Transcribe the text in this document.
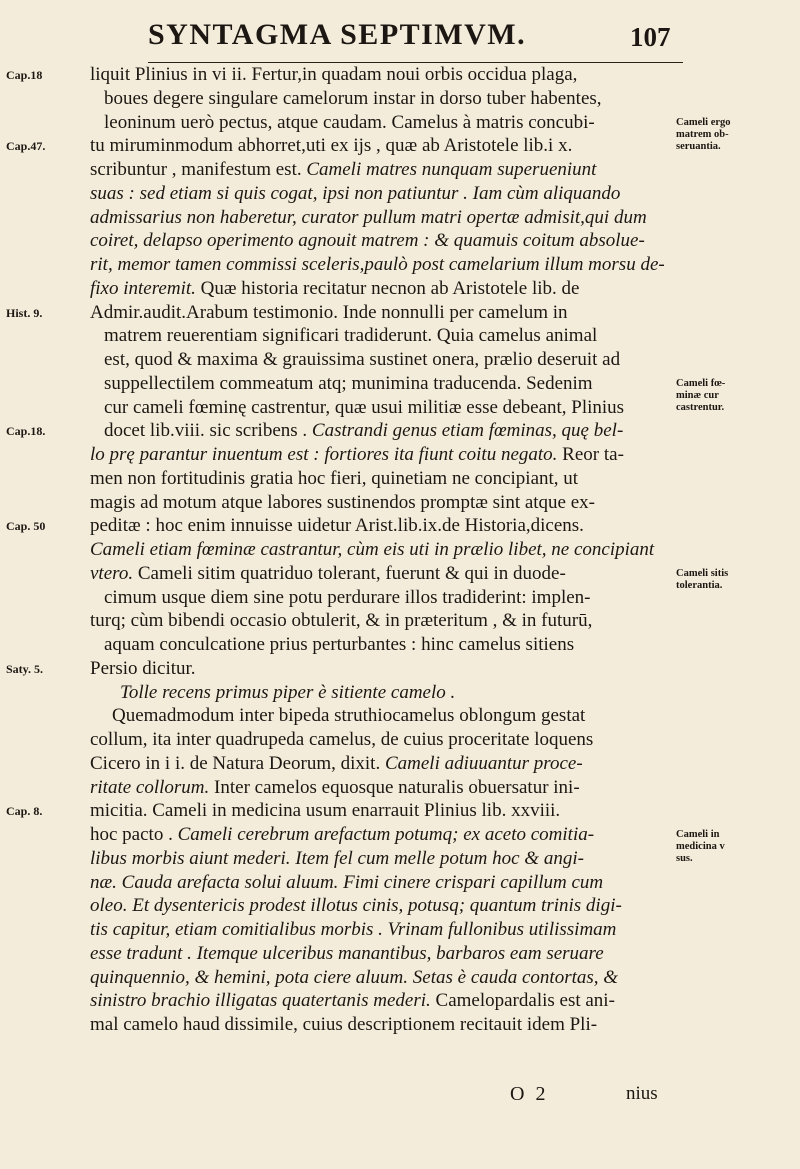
SYNTAGMA SEPTIMVM.	107
liquit Plinius in vi ii. Fertur,in quadam noui orbis occidua plaga,
boues degere singulare camelorum instar in dorso tuber habentes,
leoninum uerò pectus, atque caudam. Camelus à matris concubi-
tu miruminmodum abhorret,uti ex ijs , quæ ab Aristotele lib.i x.
scribuntur , manifestum est. Cameli matres nunquam superueniunt
suas : sed etiam si quis cogat, ipsi non patiuntur . Iam cùm aliquando
admissarius non haberetur, curator pullum matri opertæ admisit,qui dum
coiret, delapso operimento agnouit matrem : & quamuis coitum absolue-
rit, memor tamen commissi sceleris,paulò post camelarium illum morsu de-
fixo interemit. Quæ historia recitatur necnon ab Aristotele lib. de
Admir.audit.Arabum testimonio. Inde nonnulli per camelum in
matrem reuerentiam significari tradiderunt. Quia camelus animal
est, quod & maxima & grauissima sustinet onera, prælio deseruit ad
suppellectilem commeatum atq; munimina traducenda. Sedenim
cur cameli fœminę castrentur, quæ usui militiæ esse debeant, Plinius
docet lib.viii. sic scribens . Castrandi genus etiam fœminas, quę bel-
lo prę parantur inuentum est : fortiores ita fiunt coitu negato. Reor ta-
men non fortitudinis gratia hoc fieri, quinetiam ne concipiant, ut
magis ad motum atque labores sustinendos promptæ sint atque ex-
peditæ : hoc enim innuisse uidetur Arist.lib.ix.de Historia,dicens.
Cameli etiam fœminæ castrantur, cùm eis uti in prælio libet, ne concipiant
vtero. Cameli sitim quatriduo tolerant, fuerunt & qui in duode-
cimum usque diem sine potu perdurare illos tradiderint: implen-
turq; cùm bibendi occasio obtulerit, & in præteritum , & in futurū,
aquam conculcatione prius perturbantes : hinc camelus sitiens
Persio dicitur.
Tolle recens primus piper è sitiente camelo .
Quemadmodum inter bipeda struthiocamelus oblongum gestat
collum, ita inter quadrupeda camelus, de cuius proceritate loquens
Cicero in i i. de Natura Deorum, dixit. Cameli adiuuantur proce-
ritate collorum. Inter camelos equosque naturalis obuersatur ini-
micitia. Cameli in medicina usum enarrauit Plinius lib. xxviii.
hoc pacto . Cameli cerebrum arefactum potumq; ex aceto comitia-
libus morbis aiunt mederi. Item fel cum melle potum hoc & angi-
næ. Cauda arefacta solui aluum. Fimi cinere crispari capillum cum
oleo. Et dysentericis prodest illotus cinis, potusq; quantum trinis digi-
tis capitur, etiam comitialibus morbis . Vrinam fullonibus utilissimam
esse tradunt . Itemque ulceribus manantibus, barbaros eam seruare
quinquennio, & hemini, pota ciere aluum. Setas è cauda contortas, &
sinistro brachio illigatas quatertanis mederi. Camelopardalis est ani-
mal camelo haud dissimile, cuius descriptionem recitauit idem Pli-
Cap.18
Cap.47.
Hist. 9.
Cap.18.
Cap. 50
Saty. 5.
Cap. 8.
Cameli ergo
matrem ob-
seruantia.
Cameli fœ-
minæ cur
castrentur.
Cameli sitis
tolerantia.
Cameli in
medicina v
sus.
O 2	nius
